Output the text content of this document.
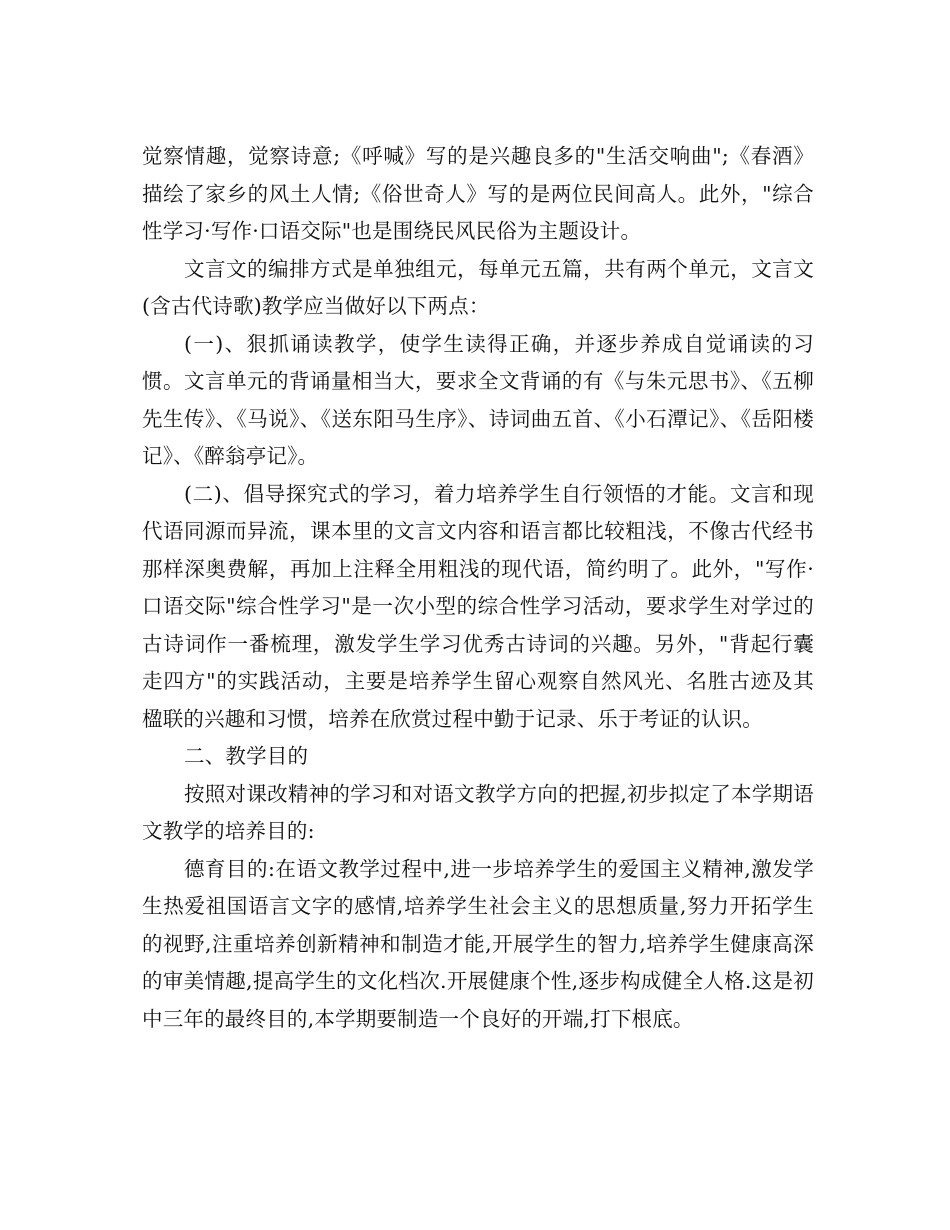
觉察情趣，觉察诗意;《呼喊》写的是兴趣良多的"生活交响曲";《春酒》描绘了家乡的风土人情;《俗世奇人》写的是两位民间高人。此外，"综合性学习·写作·口语交际"也是围绕民风民俗为主题设计。

文言文的编排方式是单独组元，每单元五篇，共有两个单元，文言文(含古代诗歌)教学应当做好以下两点：

(一)、狠抓诵读教学，使学生读得正确，并逐步养成自觉诵读的习惯。文言单元的背诵量相当大，要求全文背诵的有《与朱元思书》、《五柳先生传》、《马说》、《送东阳马生序》、诗词曲五首、《小石潭记》、《岳阳楼记》、《醉翁亭记》。

(二)、倡导探究式的学习，着力培养学生自行领悟的才能。文言和现代语同源而异流，课本里的文言文内容和语言都比较粗浅，不像古代经书那样深奥费解，再加上注释全用粗浅的现代语，简约明了。此外，"写作·口语交际"综合性学习"是一次小型的综合性学习活动，要求学生对学过的古诗词作一番梳理，激发学生学习优秀古诗词的兴趣。另外，"背起行囊走四方"的实践活动，主要是培养学生留心观察自然风光、名胜古迹及其楹联的兴趣和习惯，培养在欣赏过程中勤于记录、乐于考证的认识。

二、教学目的

按照对课改精神的学习和对语文教学方向的把握,初步拟定了本学期语文教学的培养目的:

德育目的:在语文教学过程中,进一步培养学生的爱国主义精神,激发学生热爱祖国语言文字的感情,培养学生社会主义的思想质量,努力开拓学生的视野,注重培养创新精神和制造才能,开展学生的智力,培养学生健康高深的审美情趣,提高学生的文化档次.开展健康个性,逐步构成健全人格.这是初中三年的最终目的,本学期要制造一个良好的开端,打下根底。
